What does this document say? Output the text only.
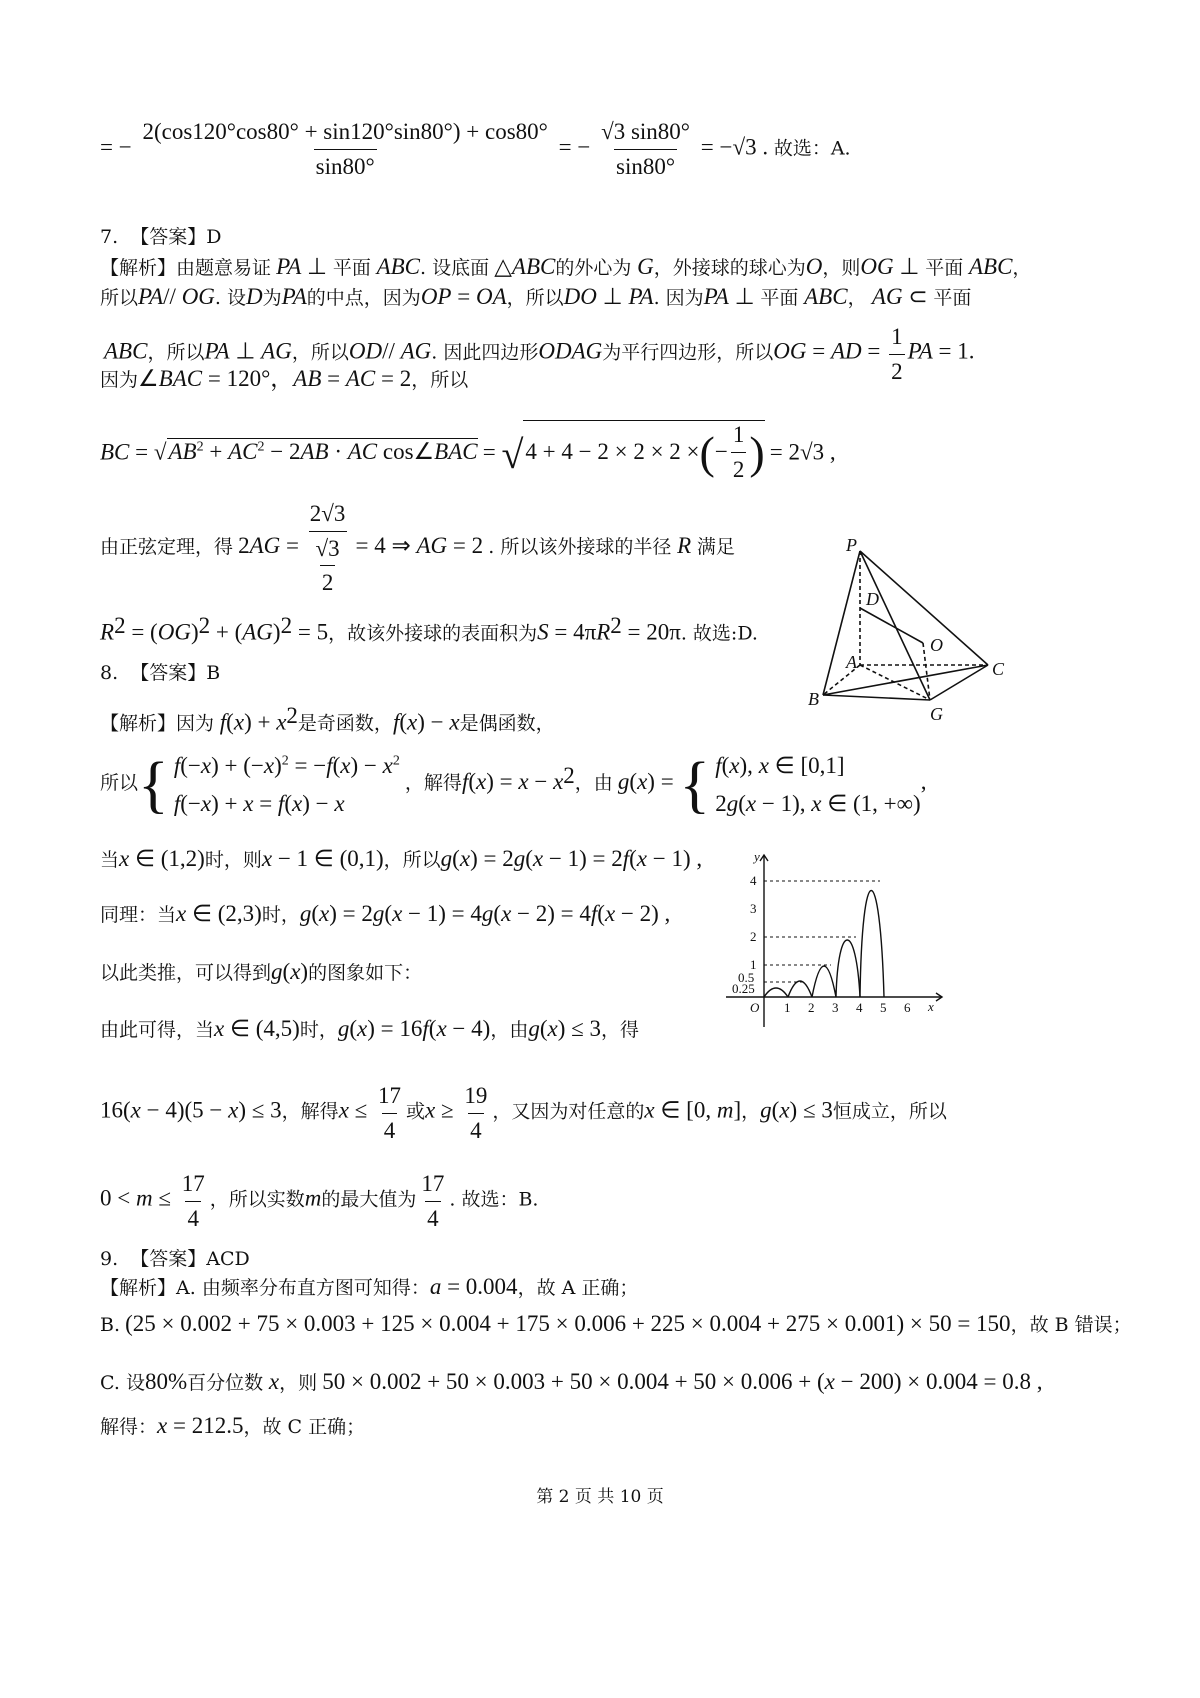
= − $\frac{2(\cos 120^\circ\cos 80^\circ + \sin 120^\circ\sin 80^\circ) + \cos 80^\circ}{\sin 80^\circ}$ = − $\frac{√3 \sin 80^\circ}{\sin 80^\circ} = -√3$ . 故选：A.
7. 【答案】D
【解析】由题意易证 PA ⊥ 平面 ABC. 设底面 △ABC的外心为 G，外接球的球心为O，则OG ⊥ 平面 ABC，
所以PA// OG. 设D为PA的中点，因为OP = OA，所以DO ⊥ PA. 因为PA ⊥ 平面 ABC， AG ⊂ 平面
ABC，所以PA ⊥ AG，所以OD// AG. 因此四边形ODAG为平行四边形，所以OG = AD = $\frac{1}{2}$ PA = 1.
因为∠BAC = 120°，AB = AC = 2，所以
BC = $√AB^2 + AC^2 - 2AB$ · AC cos∠BAC = √4 + 4 − 2 × 2 × 2 × ( − $\frac{1}{2}$ ) = 2√3 ,
由正弦定理，得 $2AG = \frac{2√3}{\frac{√3}{2}} = 4$ ⇒ AG = 2 . 所以该外接球的半径 R 满足
$R^2 = (OG)^2 + (AG)^2 = 5$，故该外接球的表面积为$S = 4\pi R^2 = 20\pi$. 故选:D.
P
D
O
A	C
B
G
8. 【答案】B
【解析】因为 $f(x) + x^2$是奇函数，f(x) − x是偶函数，
所以{ $f(-x) + (-x)^2 = -f(x) - x^2$
f(−x) + x = f(x) − x
，解得$f(x) = x - x^2$，由 g(x) = { f(x), x ∈ [0,1]
2g(x − 1), x ∈ (1, +∞)
,
当x ∈ (1,2)时，则x − 1 ∈ (0,1)，所以g(x) = 2g(x − 1) = 2f(x − 1) ,
同理：当x ∈ (2,3)时，g(x) = 2g(x − 1) = 4g(x − 2) = 4f(x − 2) ,
以此类推，可以得到g(x)的图象如下：
由此可得，当x ∈ (4,5)时，g(x) = 16f(x − 4)，由g(x) ≤ 3，得
16(x − 4)(5 − x) ≤ 3，解得$x \le \frac{17}{4}$ 或$x \ge \frac{19}{4}$ ，又因为对任意的x ∈ [0, m]，g(x) ≤ 3恒成立，所以
$0 < m \le \frac{17}{4}$ ，所以实数m的最大值为 $\frac{17}{4}$ . 故选：B.
y
4
3
2
1
0.5
0.25
O 1 2 3 4 5 6 x
9. 【答案】ACD
【解析】A. 由频率分布直方图可知得：a = 0.004，故 A 正确；
B. (25 × 0.002 + 75 × 0.003 + 125 × 0.004 + 175 × 0.006 + 225 × 0.004 + 275 × 0.001) × 50 = 150，故 B 错误；
C. 设80%百分位数 x，则 50 × 0.002 + 50 × 0.003 + 50 × 0.004 + 50 × 0.006 + (x − 200) × 0.004 = 0.8 ,
解得：x = 212.5，故 C 正确；
第 2 页 共 10 页
